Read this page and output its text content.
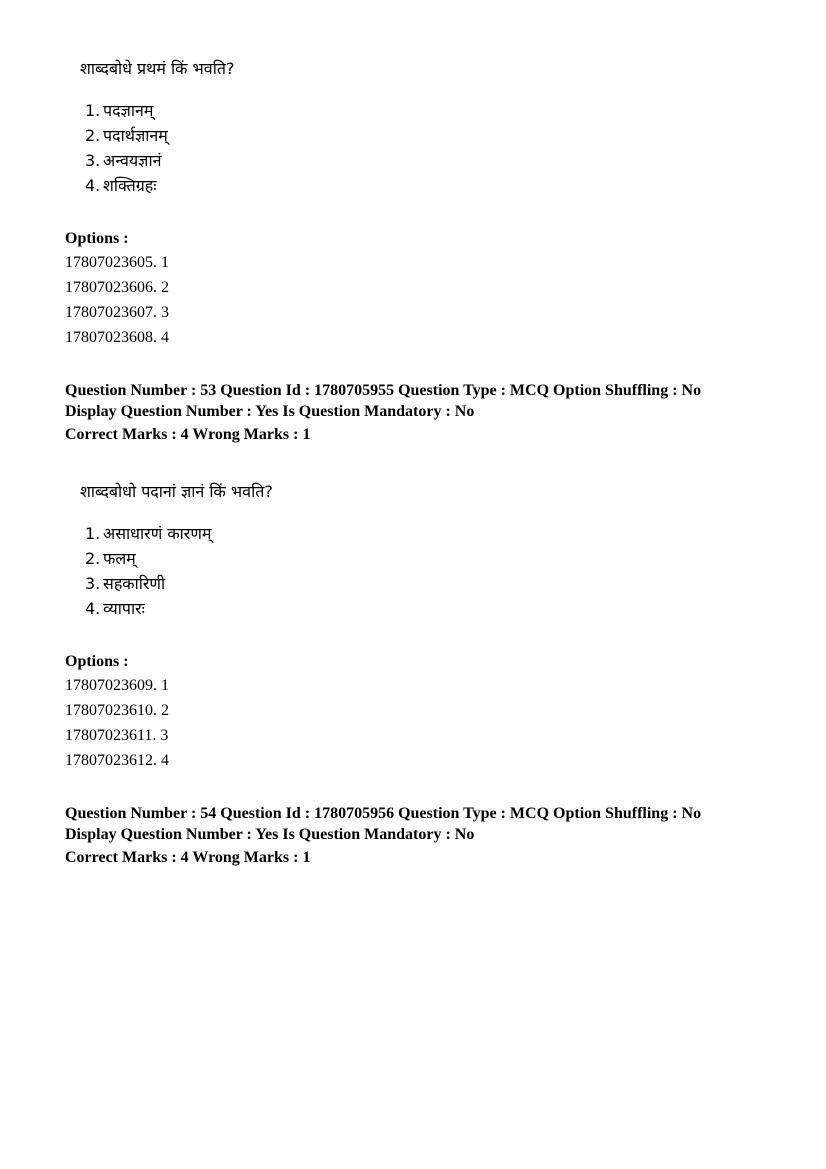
शाब्दबोधे प्रथमं किं भवति?
1. पदज्ञानम्
2. पदार्थज्ञानम्
3. अन्वयज्ञानं
4. शक्तिग्रहः
Options :
17807023605. 1
17807023606. 2
17807023607. 3
17807023608. 4
Question Number : 53 Question Id : 1780705955 Question Type : MCQ Option Shuffling : No
Display Question Number : Yes Is Question Mandatory : No
Correct Marks : 4 Wrong Marks : 1
शाब्दबोधो पदानां ज्ञानं किं भवति?
1. असाधारणं कारणम्
2. फलम्
3. सहकारिणी
4. व्यापारः
Options :
17807023609. 1
17807023610. 2
17807023611. 3
17807023612. 4
Question Number : 54 Question Id : 1780705956 Question Type : MCQ Option Shuffling : No
Display Question Number : Yes Is Question Mandatory : No
Correct Marks : 4 Wrong Marks : 1
